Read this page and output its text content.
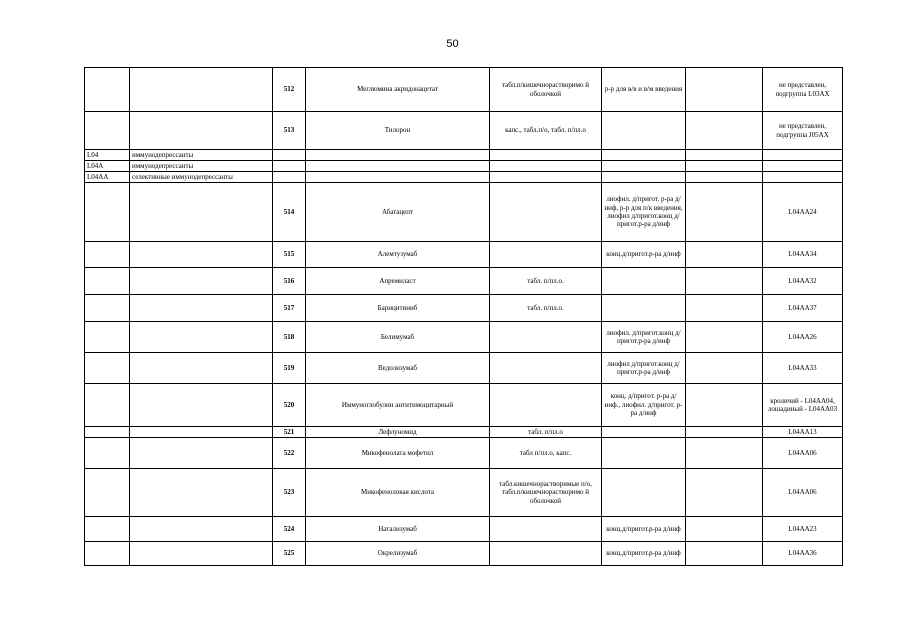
50
		512	Меглюмина акридонацетат	табл.п/кишечнорастворимо й оболочкой	р-р для в/в и в/м введения		не представлен, подгруппа L03AX
		513	Тилорон	капс., табл.п/о, табл. п/пл.о			не представлен, подгруппа J05AX
L04	иммунодепрессанты						
L04A	иммунодепрессанты						
L04AA	селективные иммунодепрессанты						
		514	Абатацепт		лиофил. д/пригот. р-ра д/инф, р-р для п/к введения, лиофил д/пригот.конц д/пригот.р-ра д/инф		L04AA24
		515	Алемтузумаб		конц.д/пригот.р-ра д/инф		L04AA34
		516	Апремиласт	табл. п/пл.о.			L04AA32
		517	Барицитиниб	табл. п/пл.о.			L04AA37
		518	Белимумаб		лиофил. д/пригот.конц д/пригот.р-ра д/инф		L04AA26
		519	Ведолизумаб		лиофил д/пригот.конц д/пригот.р-ра д/инф		L04AA33
		520	Иммуноглобулин антитимоцитарный		конц. д/пригот. р-ра д/инф., лиофил. д/пригот. р-ра д/инф		кроличий - L04AA04, лошадиный - L04AA03
		521	Лефлуномид	табл. п/пл.о			L04AA13
		522	Микофенолата мофетил	табл п/пл.о, капс.			L04AA06
		523	Микофеноловая кислота	табл.кишечнорастворимые п/о, табл.п/кишечнорастворимо й оболочкой			L04AA06
		524	Натализумаб		конц.д/пригот.р-ра д/инф		L04AA23
		525	Окрелизумаб		конц.д/пригот.р-ра д/инф		L04AA36
